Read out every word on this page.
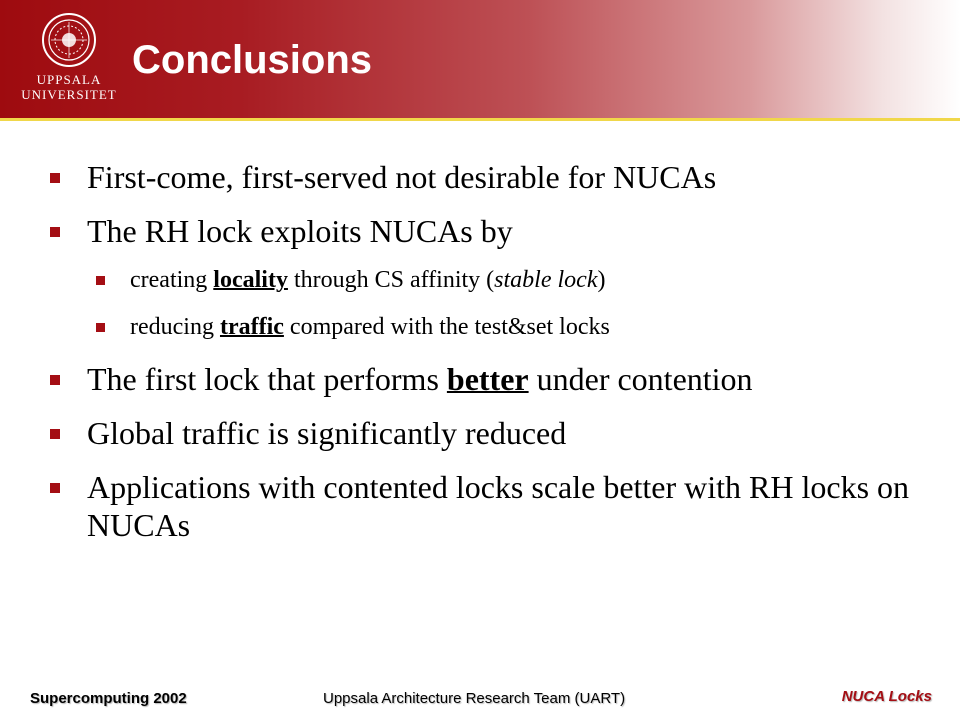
UPPSALA
UNIVERSITET
Conclusions
First-come, first-served not desirable for NUCAs
The RH lock exploits NUCAs by
creating locality through CS affinity (stable lock)
reducing traffic compared with the test&set locks
The first lock that performs better under contention
Global traffic is significantly reduced
Applications with contented locks scale better with RH locks on NUCAs
Supercomputing 2002	Uppsala Architecture Research Team (UART)	NUCA Locks
